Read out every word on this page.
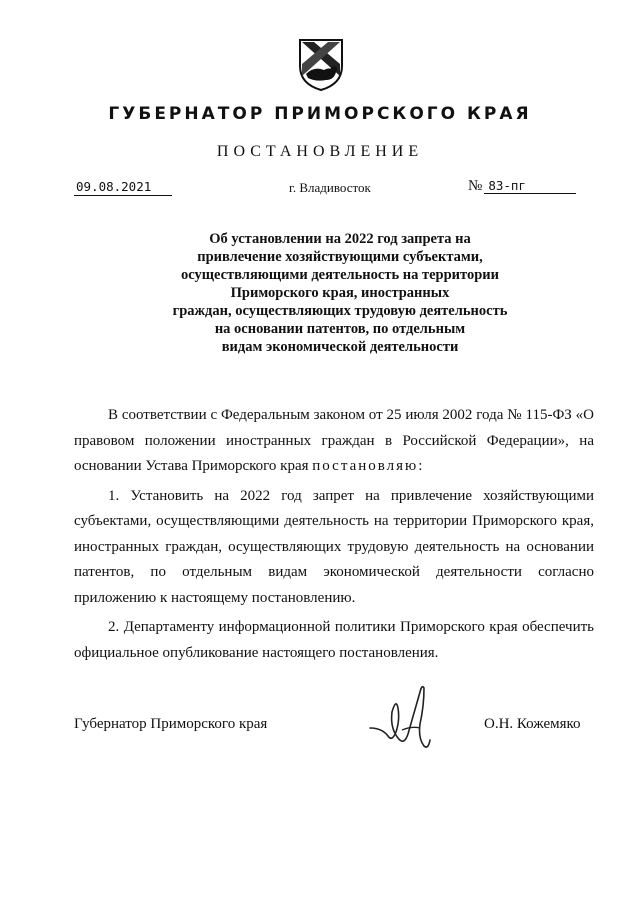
ГУБЕРНАТОР ПРИМОРСКОГО КРАЯ
ПОСТАНОВЛЕНИЕ
09.08.2021	г. Владивосток	№ 83-пг
Об установлении на 2022 год запрета на
привлечение хозяйствующими субъектами,
осуществляющими деятельность на территории
Приморского края, иностранных
граждан, осуществляющих трудовую деятельность
на основании патентов, по отдельным
видам экономической деятельности

В соответствии с Федеральным законом от 25 июля 2002 года № 115-ФЗ «О правовом положении иностранных граждан в Российской Федерации», на основании Устава Приморского края постановляю:

1. Установить на 2022 год запрет на привлечение хозяйствующими субъектами, осуществляющими деятельность на территории Приморского края, иностранных граждан, осуществляющих трудовую деятельность на основании патентов, по отдельным видам экономической деятельности согласно приложению к настоящему постановлению.

2. Департаменту информационной политики Приморского края обеспечить официальное опубликование настоящего постановления.

Губернатор Приморского края	О.Н. Кожемяко
